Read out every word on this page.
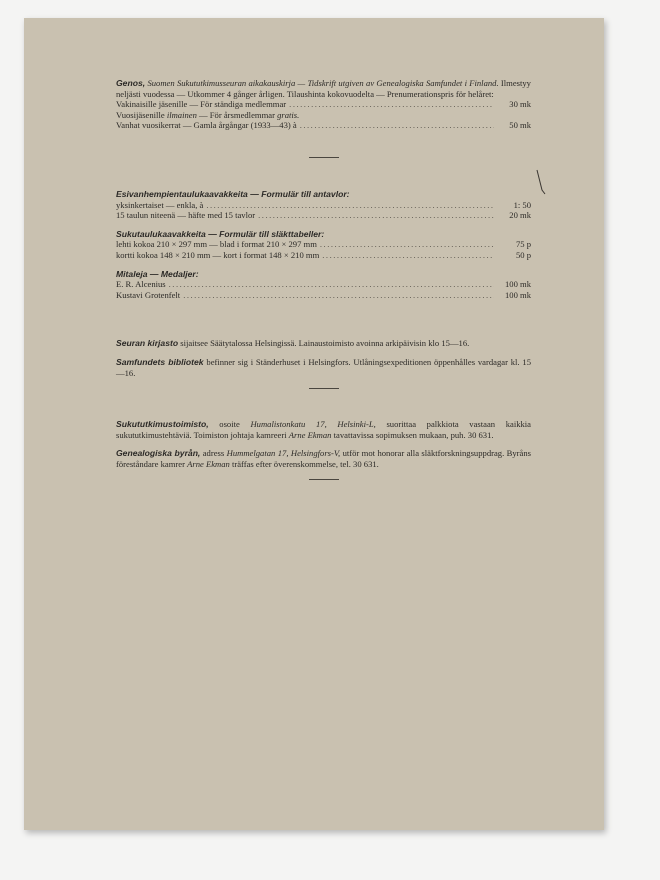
Genos, Suomen Sukututkimusseuran aikakauskirja — Tidskrift utgiven av Genealogiska Samfundet i Finland. Ilmestyy neljästi vuodessa — Utkommer 4 gånger årligen. Tilaushinta kokovuodelta — Prenumerationspris för helåret:

Vakinaisille jäsenille — För ständiga medlemmar .....	30 mk

Vuosijäsenille ilmainen — För årsmedlemmar gratis.

Vanhat vuosikerrat — Gamla årgångar (1933—43) à .....	50 mk

Esivanhempientaulukaavakkeita — Formulär till antavlor:

yksinkertaiset — enkla, à .....	1: 50
15 taulun niteenä — häfte med 15 tavlor .....	20 mk

Sukutaulukaavakkeita — Formulär till släkttabeller:

lehti kokoa 210 × 297 mm — blad i format 210 × 297 mm .....	75 p
kortti kokoa 148 × 210 mm — kort i format 148 × 210 mm .....	50 p

Mitaleja — Medaljer:

E. R. Alcenius .....	100 mk
Kustavi Grotenfelt .....	100 mk

Seuran kirjasto sijaitsee Säätytalossa Helsingissä. Lainaustoimisto avoinna arkipäivisin klo 15—16.

Samfundets bibliotek befinner sig i Ständerhuset i Helsingfors. Utlåningsexpeditionen öppenhålles vardagar kl. 15—16.

Sukututkimustoimisto, osoite Humalistonkatu 17, Helsinki-L, suorittaa palkkiota vastaan kaikkia sukututkimustehtäviä. Toimiston johtaja kamreeri Arne Ekman tavattavissa sopimuksen mukaan, puh. 30 631.

Genealogiska byrån, adress Hummelgatan 17, Helsingfors-V, utför mot honorar alla släktforskningsuppdrag. Byråns föreståndare kamrer Arne Ekman träffas efter överenskommelse, tel. 30 631.
